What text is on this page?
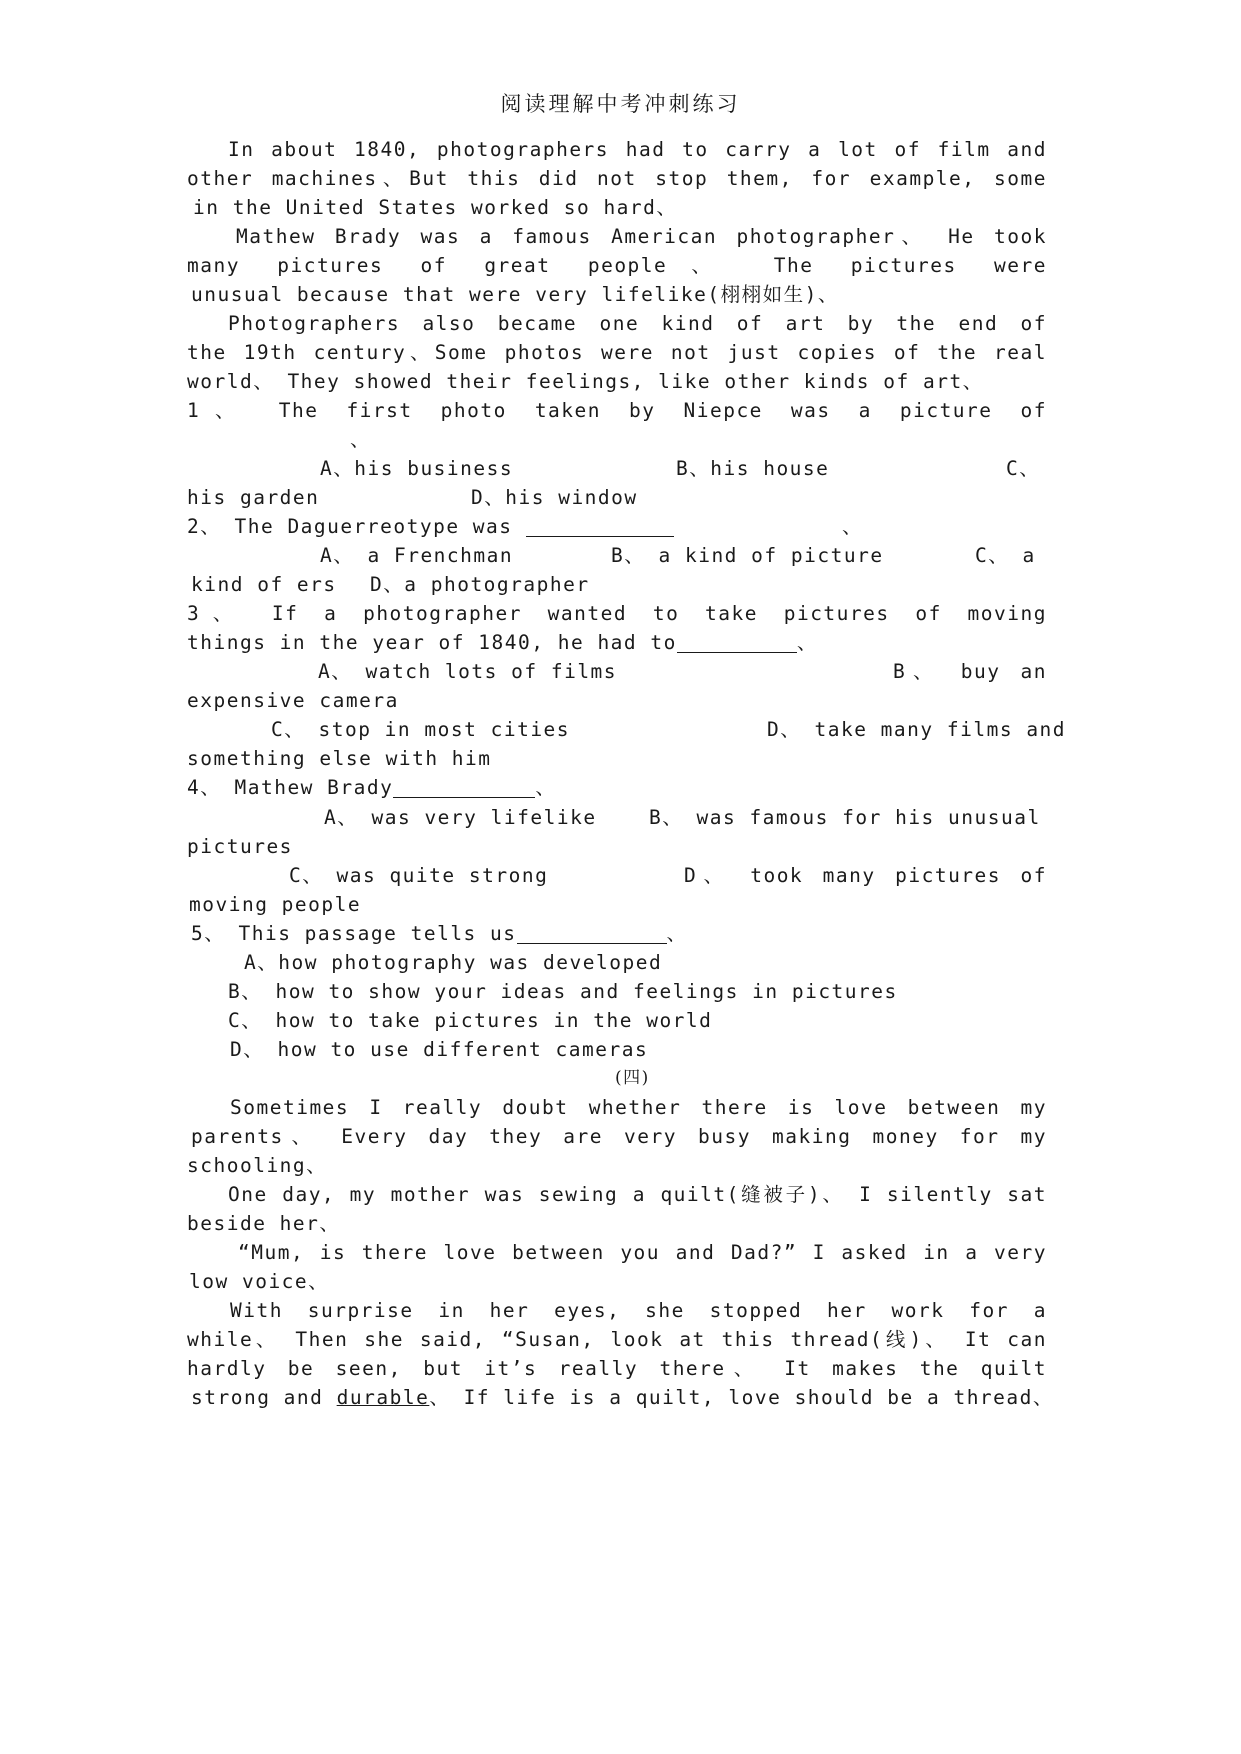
阅读理解中考冲刺练习
In about 1840, photographers had to carry a lot of film and
other machines、But this did not stop them, for example, some
in the United States worked so hard、
Mathew Brady was a famous American photographer、 He took
many pictures of great people、 The pictures were
unusual because that were very lifelike(栩栩如生)、
Photographers also became one kind of art by the end of
the 19th century、Some photos were not just copies of the real
world、 They showed their feelings, like other kinds of art、
1、 The first photo taken by Niepce was a picture of
、
A、his business	B、his house	C、
his garden	D、his window
2、 The Daguerreotype was	、
A、 a Frenchman	B、 a kind of picture	C、 a
kind of ers D、a photographer
3、 If a photographer wanted to take pictures of moving
things in the year of 1840, he had to	、
A、 watch lots of films	B、 buy an
expensive camera
C、 stop in most cities	D、 take many films and
something else with him
4、 Mathew Brady	、
A、 was very lifelike	B、 was famous for his unusual
pictures
C、 was quite strong	D、 took many pictures of
moving people
5、 This passage tells us	、
A、how photography was developed
B、 how to show your ideas and feelings in pictures
C、 how to take pictures in the world
D、 how to use different cameras
(四)
Sometimes I really doubt whether there is love between my
parents、 Every day they are very busy making money for my
schooling、
One day, my mother was sewing a quilt(缝被子)、 I silently sat
beside her、
“Mum, is there love between you and Dad?” I asked in a very
low voice、
With surprise in her eyes, she stopped her work for a
while、 Then she said, “Susan, look at this thread(线)、 It can
hardly be seen, but it’s really there、 It makes the quilt
strong and durable、 If life is a quilt, love should be a thread、
